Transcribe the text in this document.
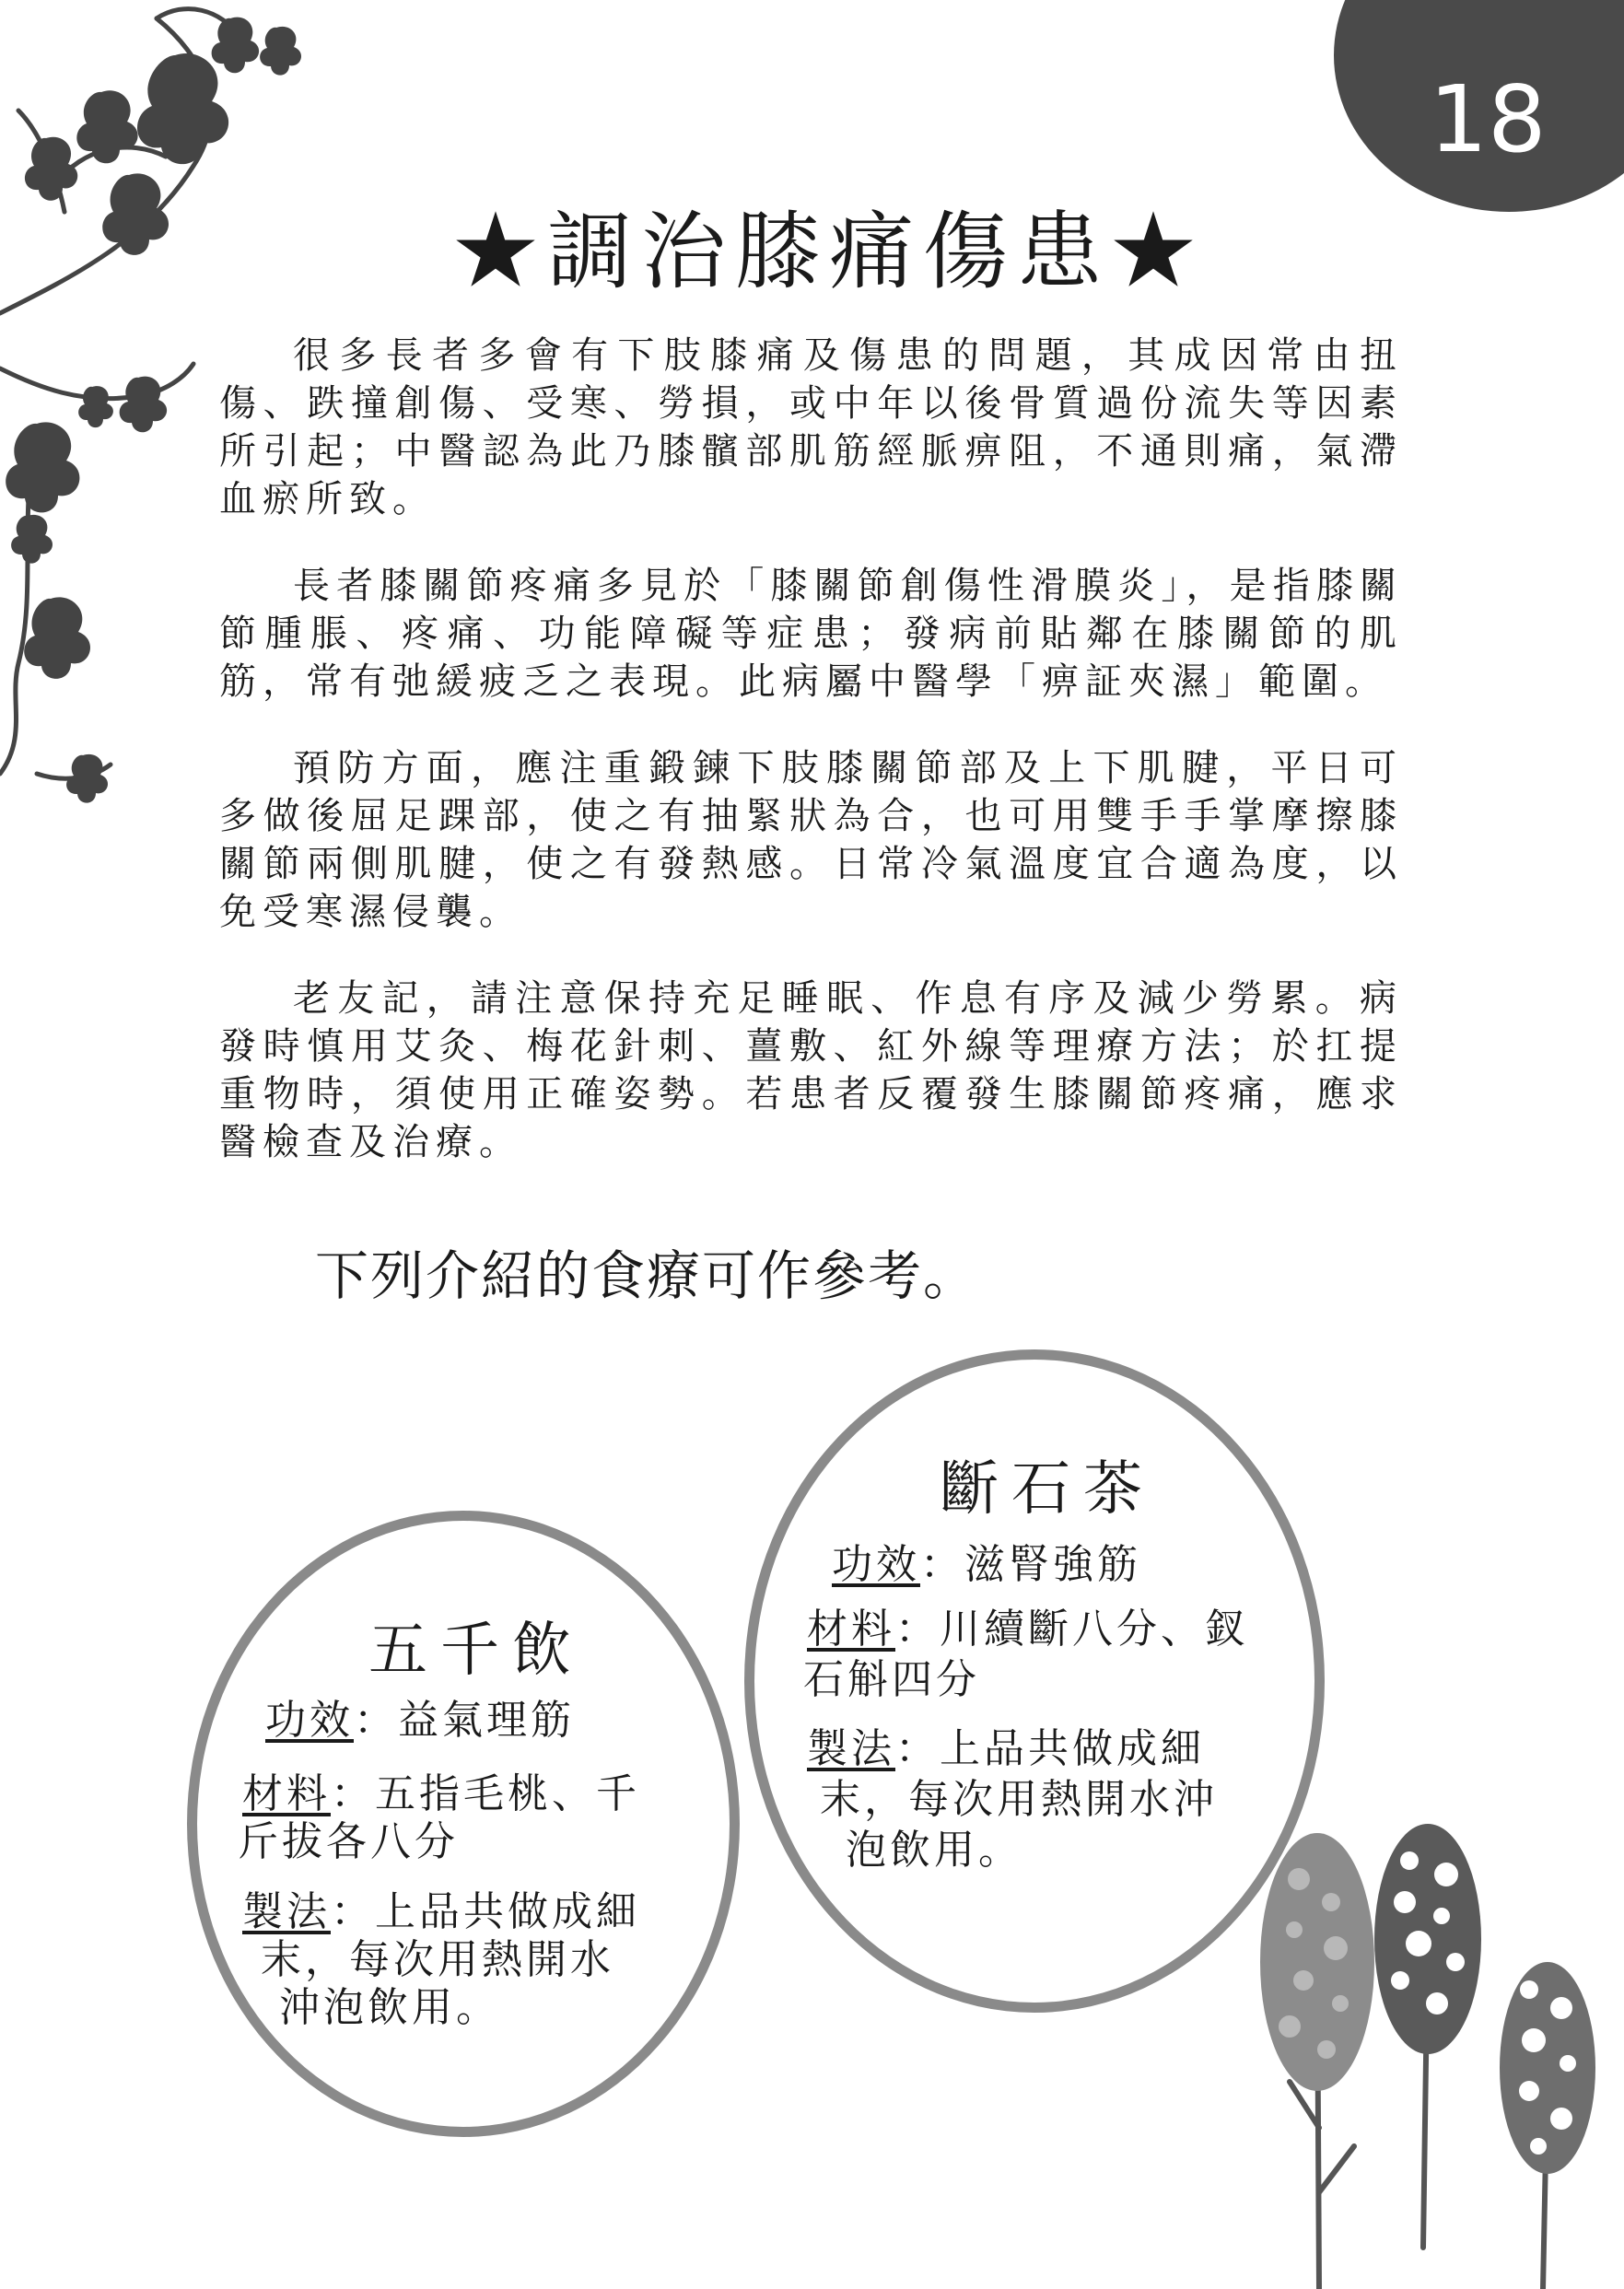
18
★調治膝痛傷患★

很多長者多會有下肢膝痛及傷患的問題，其成因常由扭傷、跌撞創傷、受寒、勞損，或中年以後骨質過份流失等因素所引起；中醫認為此乃膝髕部肌筋經脈痹阻，不通則痛，氣滯血瘀所致。

長者膝關節疼痛多見於「膝關節創傷性滑膜炎」，是指膝關節腫脹、疼痛、功能障礙等症患；發病前貼鄰在膝關節的肌筋，常有弛緩疲乏之表現。此病屬中醫學「痹証夾濕」範圍。

預防方面，應注重鍛鍊下肢膝關節部及上下肌腱，平日可多做後屈足踝部，使之有抽緊狀為合，也可用雙手手掌摩擦膝關節兩側肌腱，使之有發熱感。日常冷氣溫度宜合適為度，以免受寒濕侵襲。

老友記，請注意保持充足睡眠、作息有序及減少勞累。病發時慎用艾灸、梅花針刺、薑敷、紅外線等理療方法；於扛提重物時，須使用正確姿勢。若患者反覆發生膝關節疼痛，應求醫檢查及治療。

下列介紹的食療可作參考。

五千飲

功效：益氣理筋

材料：五指毛桃、千

斤拔各八分

製法：上品共做成細

末，每次用熱開水

沖泡飲用。

斷石茶

功效：滋腎強筋

材料：川續斷八分、釵

石斛四分

製法：上品共做成細

末，每次用熱開水沖

泡飲用。
